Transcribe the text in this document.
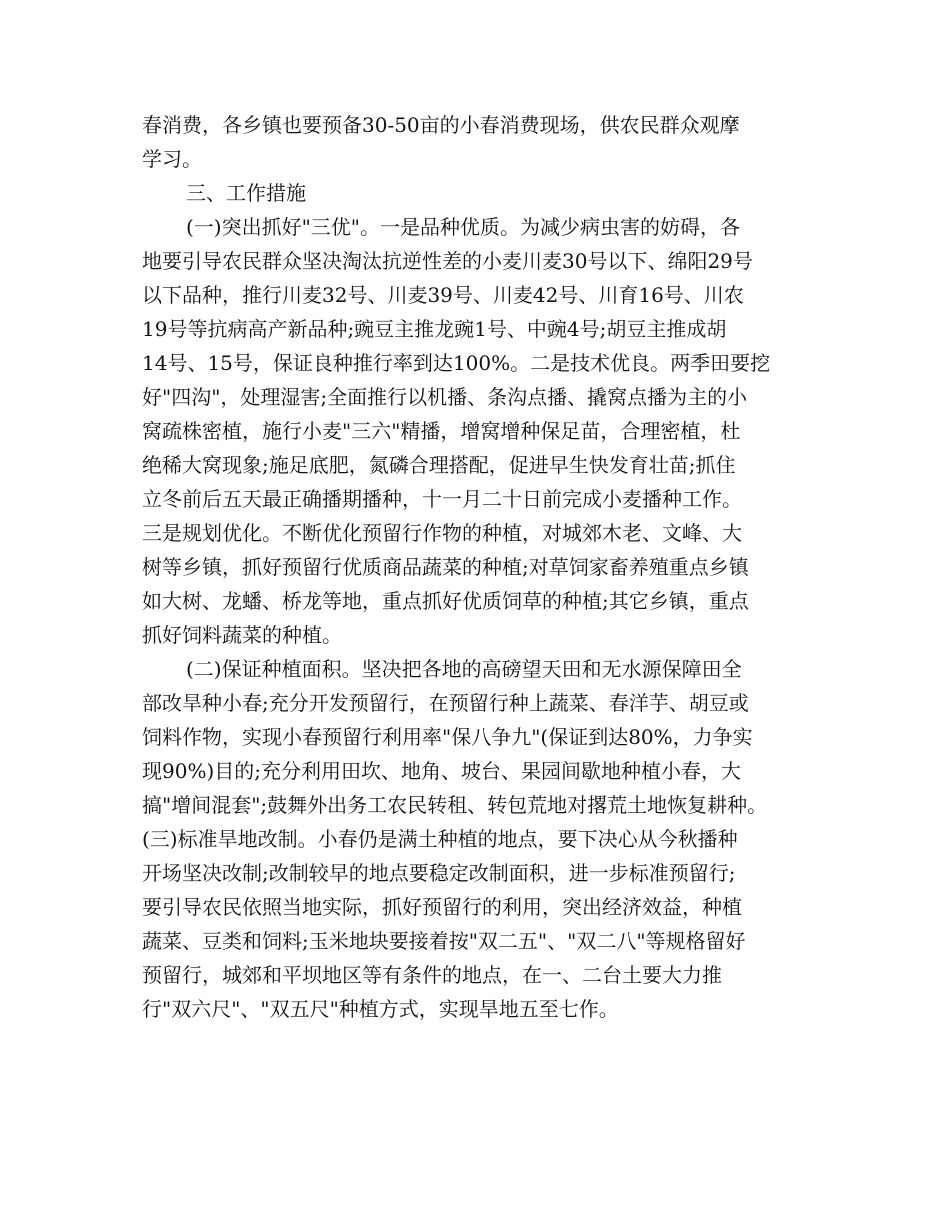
春消费，各乡镇也要预备30-50亩的小春消费现场，供农民群众观摩
学习。
三、工作措施
(一)突出抓好"三优"。一是品种优质。为减少病虫害的妨碍，各
地要引导农民群众坚决淘汰抗逆性差的小麦川麦30号以下、绵阳29号
以下品种，推行川麦32号、川麦39号、川麦42号、川育16号、川农
19号等抗病高产新品种;豌豆主推龙豌1号、中豌4号;胡豆主推成胡
14号、15号，保证良种推行率到达100%。二是技术优良。两季田要挖
好"四沟"，处理湿害;全面推行以机播、条沟点播、撬窝点播为主的小
窝疏株密植，施行小麦"三六"精播，增窝增种保足苗，合理密植，杜
绝稀大窝现象;施足底肥，氮磷合理搭配，促进早生快发育壮苗;抓住
立冬前后五天最正确播期播种，十一月二十日前完成小麦播种工作。
三是规划优化。不断优化预留行作物的种植，对城郊木老、文峰、大
树等乡镇，抓好预留行优质商品蔬菜的种植;对草饲家畜养殖重点乡镇
如大树、龙蟠、桥龙等地，重点抓好优质饲草的种植;其它乡镇，重点
抓好饲料蔬菜的种植。
(二)保证种植面积。坚决把各地的高磅望天田和无水源保障田全
部改旱种小春;充分开发预留行，在预留行种上蔬菜、春洋芋、胡豆或
饲料作物，实现小春预留行利用率"保八争九"(保证到达80%，力争实
现90%)目的;充分利用田坎、地角、坡台、果园间歇地种植小春，大
搞"增间混套";鼓舞外出务工农民转租、转包荒地对撂荒土地恢复耕种。
(三)标准旱地改制。小春仍是满土种植的地点，要下决心从今秋播种
开场坚决改制;改制较早的地点要稳定改制面积，进一步标准预留行;
要引导农民依照当地实际，抓好预留行的利用，突出经济效益，种植
蔬菜、豆类和饲料;玉米地块要接着按"双二五"、"双二八"等规格留好
预留行，城郊和平坝地区等有条件的地点，在一、二台土要大力推
行"双六尺"、"双五尺"种植方式，实现旱地五至七作。
